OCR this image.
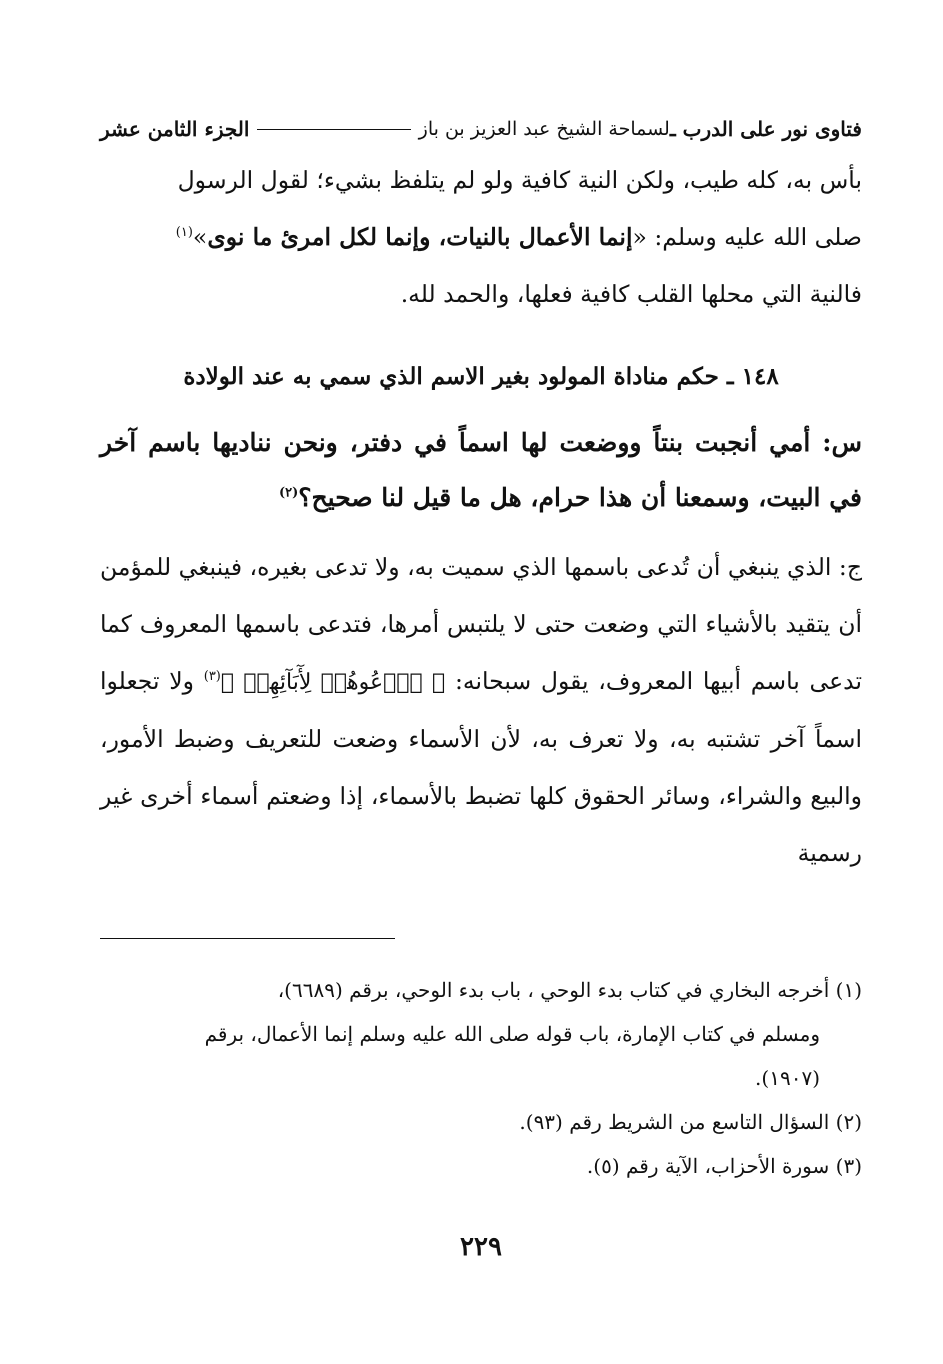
فتاوى نور على الدرب ـ
لسماحة الشيخ عبد العزيز بن باز
الجزء الثامن عشر

بأس به، كله طيب، ولكن النية كافية ولو لم يتلفظ بشيء؛ لقول الرسول

صلى الله عليه وسلم: «إنما الأعمال بالنيات، وإنما لكل امرئ ما نوى»$^{(١)}$

فالنية التي محلها القلب كافية فعلها، والحمد لله.

١٤٨ ـ حكم مناداة المولود بغير الاسم الذي سمي به عند الولادة

س: أمي أنجبت بنتاً ووضعت لها اسماً في دفتر، ونحن نناديها باسم آخر في البيت، وسمعنا أن هذا حرام، هل ما قيل لنا صحيح؟$^{(٢)}$

ج: الذي ينبغي أن تُدعى باسمها الذي سميت به، ولا تدعى بغيره، فينبغي للمؤمن أن يتقيد بالأشياء التي وضعت حتى لا يلتبس أمرها، فتدعى باسمها المعروف كما تدعى باسم أبيها المعروف، يقول سبحانه: ﴿ ٱدۡعُوهُمۡ لِأٓبَآئِهِمۡ ﴾$^{(٣)}$ ولا تجعلوا اسماً آخر تشتبه به، ولا تعرف به، لأن الأسماء وضعت للتعريف وضبط الأمور، والبيع والشراء، وسائر الحقوق كلها تضبط بالأسماء، إذا وضعتم أسماء أخرى غير رسمية

(١) أخرجه البخاري في كتاب بدء الوحي ، باب بدء الوحي، برقم (٦٦٨٩)،

ومسلم في كتاب الإمارة، باب قوله صلى الله عليه وسلم إنما الأعمال، برقم

(١٩٠٧).

(٢) السؤال التاسع من الشريط رقم (٩٣).

(٣) سورة الأحزاب، الآية رقم (٥).

٢٢٩
